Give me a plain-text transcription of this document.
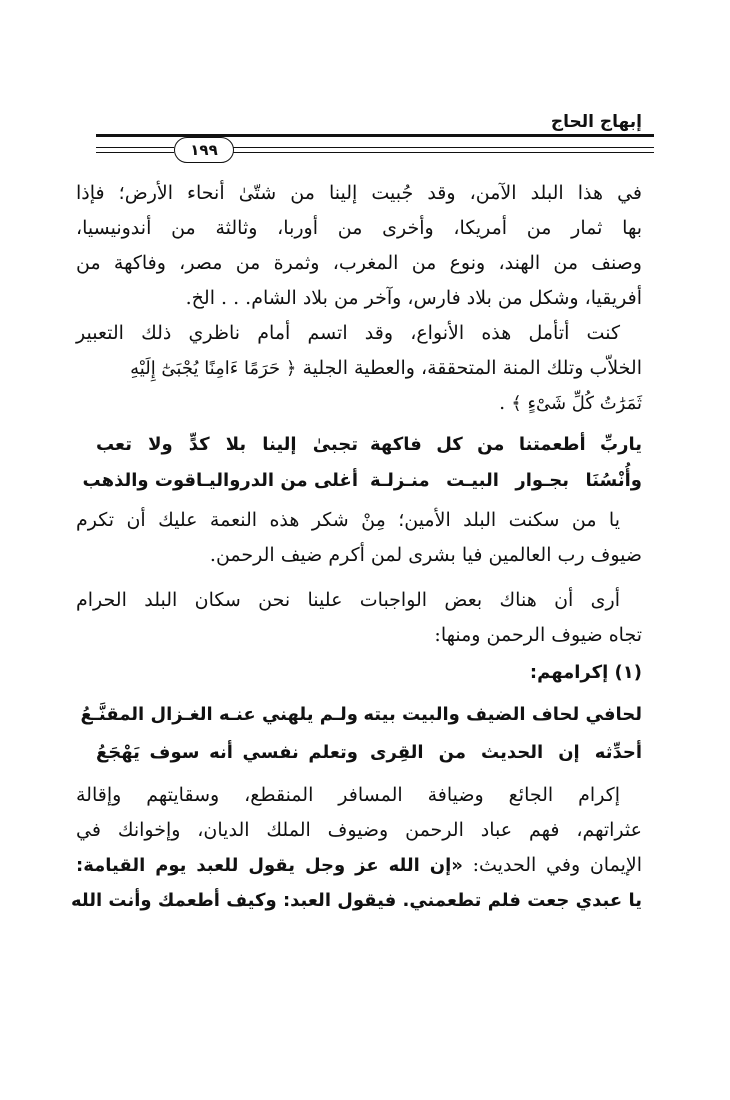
إبهاج الحاج
١٩٩
في هذا البلد الآمن، وقد جُبيت إلينا من شتّىٰ أنحاء الأرض؛ فإذا
بها ثمار من أمريكا، وأخرى من أوربا، وثالثة من أندونيسيا،
وصنف من الهند، ونوع من المغرب، وثمرة من مصر، وفاكهة من
أفريقيا، وشكل من بلاد فارس، وآخر من بلاد الشام. . . الخ.
كنت أتأمل هذه الأنواع، وقد اتسم أمام ناظري ذلك التعبير
الخلاّب وتلك المنة المتحققة، والعطية الجلية ﴿ حَرَمًا ءَامِنًا يُجْبَىٰٓ إِلَيْهِ
ثَمَرَٰتُ كُلِّ شَىْءٍ ﴾ .
ياربِّ أطعمتنا من كل فاكهة
تجبىٰ إلينا بلا كدٍّ ولا تعب
وأُنْسُنَا بجـوار البيـت منـزلـة
أغلى من الدرواليـاقوت والذهب
يا من سكنت البلد الأمين؛ مِنْ شكر هذه النعمة عليك أن تكرم
ضيوف رب العالمين فيا بشرى لمن أكرم ضيف الرحمن.
أرى أن هناك بعض الواجبات علينا نحن سكان البلد الحرام
تجاه ضيوف الرحمن ومنها:
(١) إكرامهم:
لحافي لحاف الضيف والبيت بيته
ولـم يلهني عنـه الغـزال المقنَّـعُ
أحدِّثه إن الحديث من القِرى
وتعلم نفسي أنه سوف يَهْجَعُ
إكرام الجائع وضيافة المسافر المنقطع، وسقايتهم وإقالة
عثراتهم، فهم عباد الرحمن وضيوف الملك الديان، وإخوانك في
الإيمان وفي الحديث: «إن الله عز وجل يقول للعبد يوم القيامة:
يا عبدي جعت فلم تطعمني. فيقول العبد: وكيف أطعمك وأنت الله
